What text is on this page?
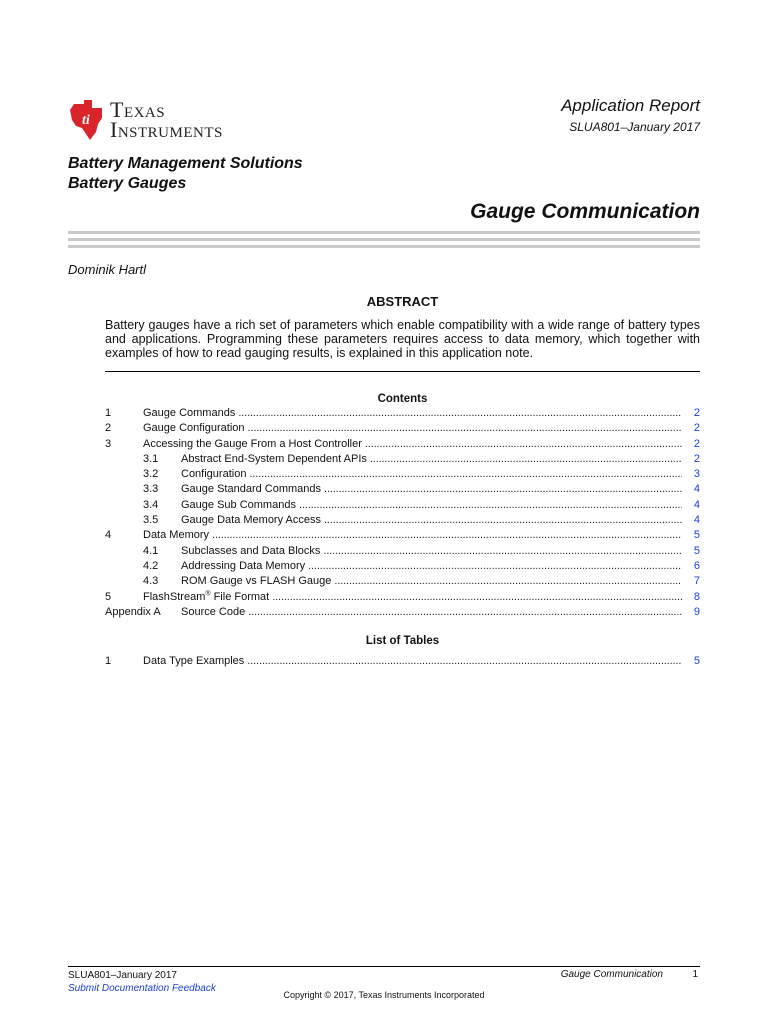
ti Texas
Instruments
Application Report
SLUA801–January 2017
Battery Management Solutions
Battery Gauges
Gauge Communication
Dominik Hartl
ABSTRACT
Battery gauges have a rich set of parameters which enable compatibility with a wide range of battery types and applications. Programming these parameters requires access to data memory, which together with examples of how to read gauging results, is explained in this application note.
Contents
1	Gauge Commands . . .	2
2	Gauge Configuration . . .	2
3	Accessing the Gauge From a Host Controller . . .	2
3.1 Abstract End-System Dependent APIs . . .	2
3.2 Configuration . . .	3
3.3 Gauge Standard Commands . . .	4
3.4 Gauge Sub Commands . . .	4
3.5 Gauge Data Memory Access . . .	4
4	Data Memory . . .	5
4.1 Subclasses and Data Blocks . . .	5
4.2 Addressing Data Memory . . .	6
4.3 ROM Gauge vs FLASH Gauge . . .	7
5	FlashStream® File Format . . .	8
Appendix A Source Code . . .	9
List of Tables
1	Data Type Examples . . .	5
SLUA801–January 2017
Submit Documentation Feedback
Gauge Communication	1
Copyright © 2017, Texas Instruments Incorporated
